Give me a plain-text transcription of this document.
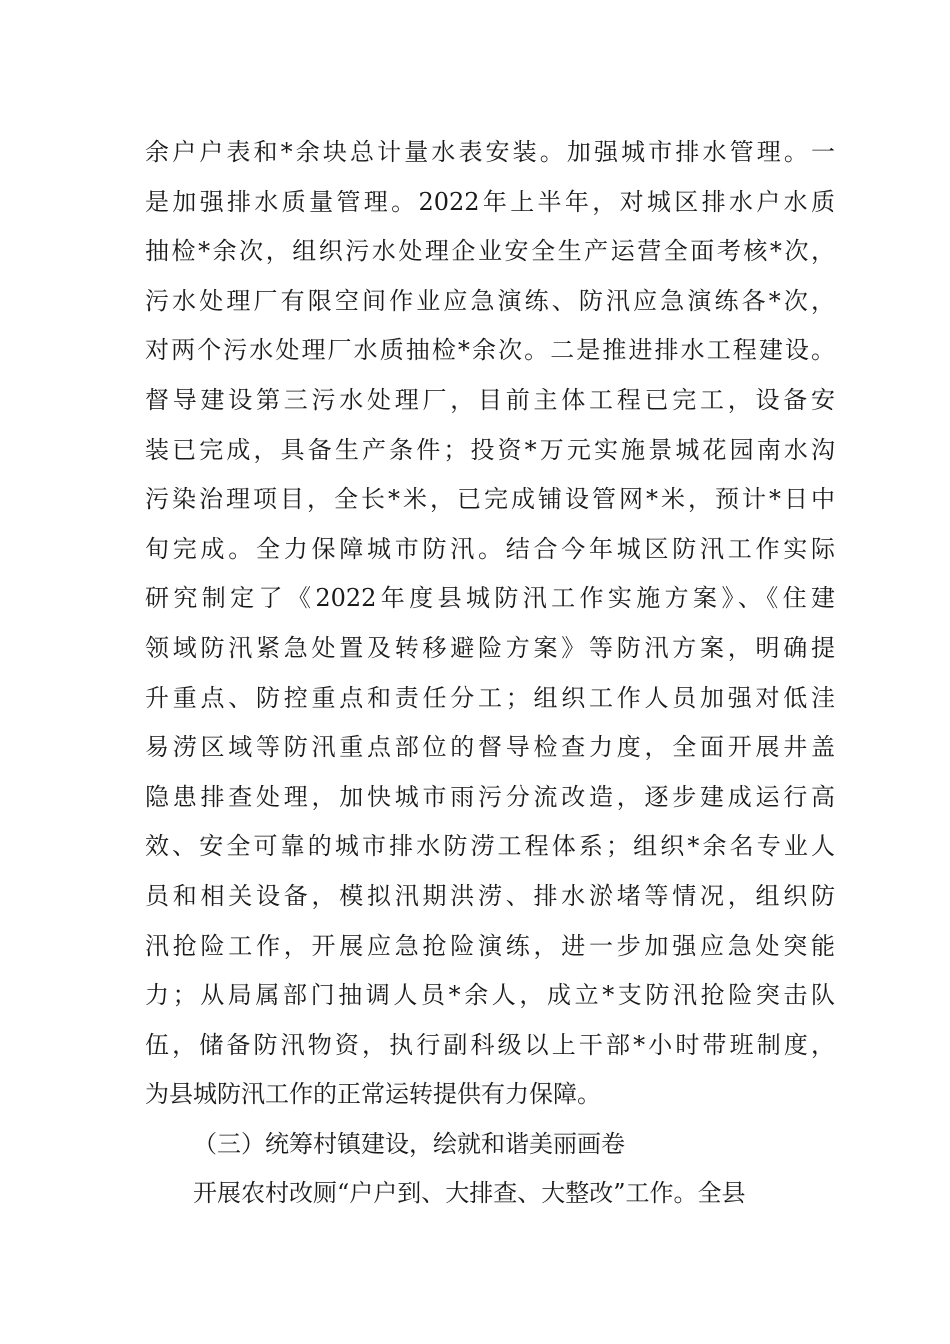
余户户表和*余块总计量水表安装。加强城市排水管理。一
是加强排水质量管理。2022年上半年，对城区排水户水质
抽检*余次，组织污水处理企业安全生产运营全面考核*次，
污水处理厂有限空间作业应急演练、防汛应急演练各*次，
对两个污水处理厂水质抽检*余次。二是推进排水工程建设。
督导建设第三污水处理厂，目前主体工程已完工，设备安
装已完成，具备生产条件；投资*万元实施景城花园南水沟
污染治理项目，全长*米，已完成铺设管网*米，预计*日中
旬完成。全力保障城市防汛。结合今年城区防汛工作实际
研究制定了《2022年度县城防汛工作实施方案》、《住建
领域防汛紧急处置及转移避险方案》等防汛方案，明确提
升重点、防控重点和责任分工；组织工作人员加强对低洼
易涝区域等防汛重点部位的督导检查力度，全面开展井盖
隐患排查处理，加快城市雨污分流改造，逐步建成运行高
效、安全可靠的城市排水防涝工程体系；组织*余名专业人
员和相关设备，模拟汛期洪涝、排水淤堵等情况，组织防
汛抢险工作，开展应急抢险演练，进一步加强应急处突能
力；从局属部门抽调人员*余人，成立*支防汛抢险突击队
伍，储备防汛物资，执行副科级以上干部*小时带班制度，
为县城防汛工作的正常运转提供有力保障。
（三）统筹村镇建设，绘就和谐美丽画卷
开展农村改厕“户户到、大排查、大整改”工作。全县
